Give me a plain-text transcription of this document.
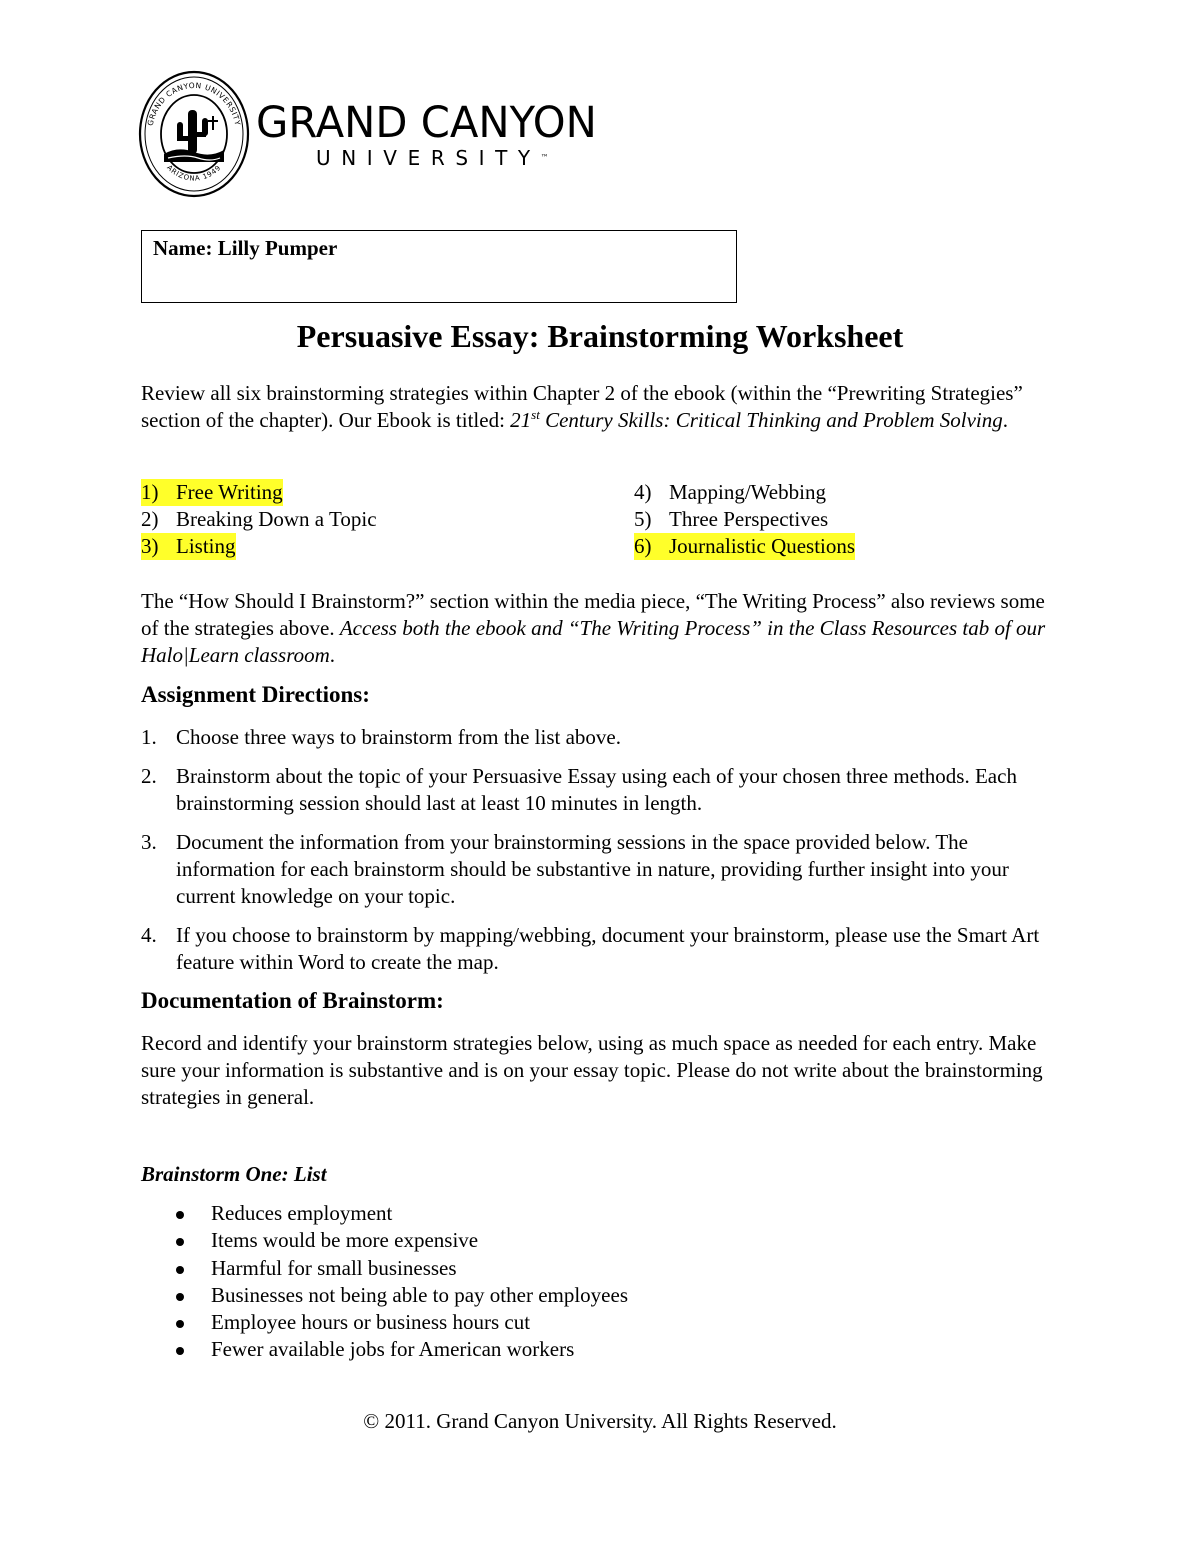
GRAND CANYON UNIVERSITY
ARIZONA 1949
GRAND CANYON
UNIVERSITY™
Name: Lilly Pumper
Persuasive Essay: Brainstorming Worksheet
Review all six brainstorming strategies within Chapter 2 of the ebook (within the “Prewriting Strategies” section of the chapter). Our Ebook is titled: 21st Century Skills: Critical Thinking and Problem Solving.
1) Free Writing
2) Breaking Down a Topic
3) Listing
4) Mapping/Webbing
5) Three Perspectives
6) Journalistic Questions
The “How Should I Brainstorm?” section within the media piece, “The Writing Process” also reviews some of the strategies above. Access both the ebook and “The Writing Process” in the Class Resources tab of our Halo|Learn classroom.
Assignment Directions:
1. Choose three ways to brainstorm from the list above.
2. Brainstorm about the topic of your Persuasive Essay using each of your chosen three methods. Each brainstorming session should last at least 10 minutes in length.
3. Document the information from your brainstorming sessions in the space provided below. The information for each brainstorm should be substantive in nature, providing further insight into your current knowledge on your topic.
4. If you choose to brainstorm by mapping/webbing, document your brainstorm, please use the Smart Art feature within Word to create the map.
Documentation of Brainstorm:
Record and identify your brainstorm strategies below, using as much space as needed for each entry. Make sure your information is substantive and is on your essay topic. Please do not write about the brainstorming strategies in general.
Brainstorm One: List
Reduces employment
Items would be more expensive
Harmful for small businesses
Businesses not being able to pay other employees
Employee hours or business hours cut
Fewer available jobs for American workers
© 2011. Grand Canyon University. All Rights Reserved.
